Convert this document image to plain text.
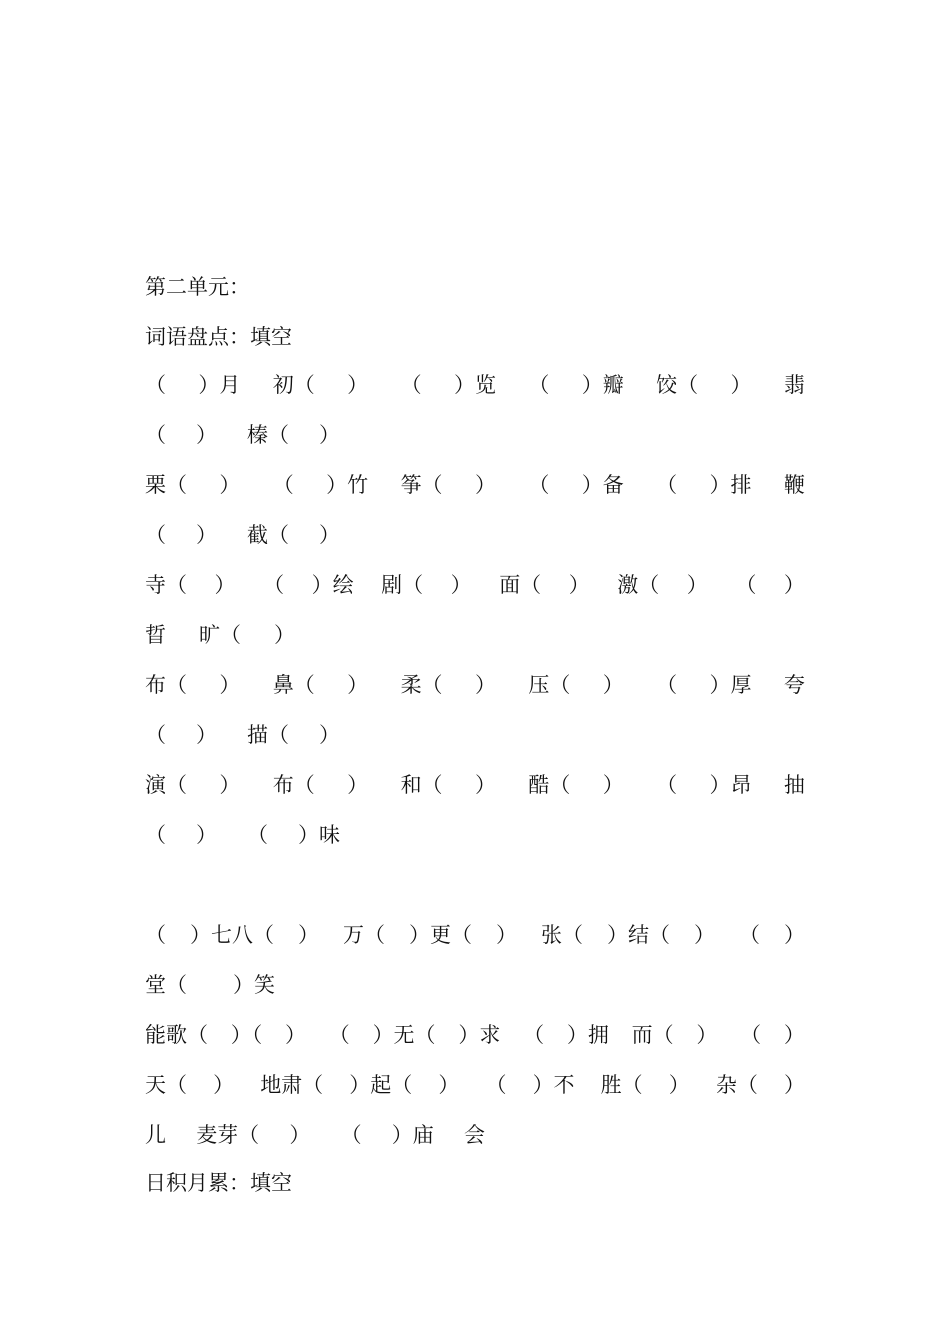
第二单元：
词语盘点：填空
（ ）月 初（ ） （ ）览 （ ）瓣 饺（ ） 翡
（ ） 榛（ ）
栗（ ） （ ）竹 筝（ ） （ ）备 （ ）排 鞭
（ ） 截（ ）
寺（ ） （ ）绘 剧（ ） 面（ ） 激（ ） （ ）
晢 旷（ ）
布（ ） 鼻（ ） 柔（ ） 压（ ） （ ）厚 夸
（ ） 描（ ）
演（ ） 布（ ） 和（ ） 酷（ ） （ ）昂 抽
（ ） （ ）味
（ ）七八（ ） 万（ ）更（ ） 张（ ）结（ ） （ ）
堂（ ）笑
能歌（ ）（ ） （ ）无（ ）求 （ ）拥 而（ ） （ ）
天（ ） 地肃（ ）起（ ） （ ）不 胜（ ） 杂（ ）
儿 麦芽（ ） （ ）庙 会
日积月累：填空
